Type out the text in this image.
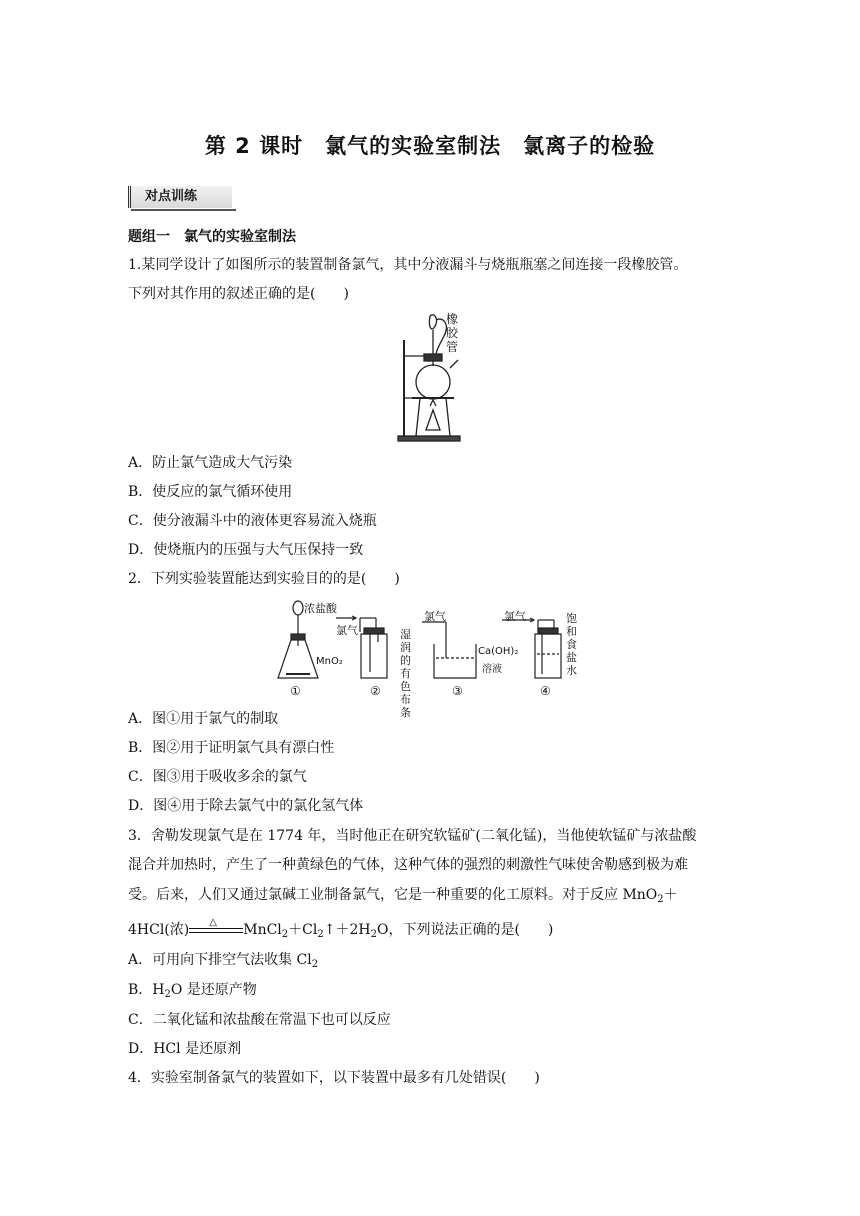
第 2 课时　氯气的实验室制法　氯离子的检验
对点训练
题组一　氯气的实验室制法
1.某同学设计了如图所示的装置制备氯气，其中分液漏斗与烧瓶瓶塞之间连接一段橡胶管。
下列对其作用的叙述正确的是(　　)
橡胶管
A．防止氯气造成大气污染
B．使反应的氯气循环使用
C．使分液漏斗中的液体更容易流入烧瓶
D．使烧瓶内的压强与大气压保持一致
2．下列实验装置能达到实验目的的是(　　)
浓盐酸
MnO₂
①
氯气	湿润的有色布条
②
氯气
Ca(OH)₂
溶液
③
氯气	饱和食盐水
④
A．图①用于氯气的制取
B．图②用于证明氯气具有漂白性
C．图③用于吸收多余的氯气
D．图④用于除去氯气中的氯化氢气体
3．舍勒发现氯气是在 1774 年，当时他正在研究软锰矿(二氧化锰)，当他使软锰矿与浓盐酸
混合并加热时，产生了一种黄绿色的气体，这种气体的强烈的刺激性气味使舍勒感到极为难
受。后来，人们又通过氯碱工业制备氯气，它是一种重要的化工原料。对于反应 MnO$_2$＋
4HCl(浓) △ $MnCl_2+Cl_2↑+2H_2O$，下列说法正确的是(　　)
A．可用向下排空气法收集 $Cl_2$
B．$H_2O$ 是还原产物
C．二氧化锰和浓盐酸在常温下也可以反应
D．HCl 是还原剂
4．实验室制备氯气的装置如下，以下装置中最多有几处错误(　　)
